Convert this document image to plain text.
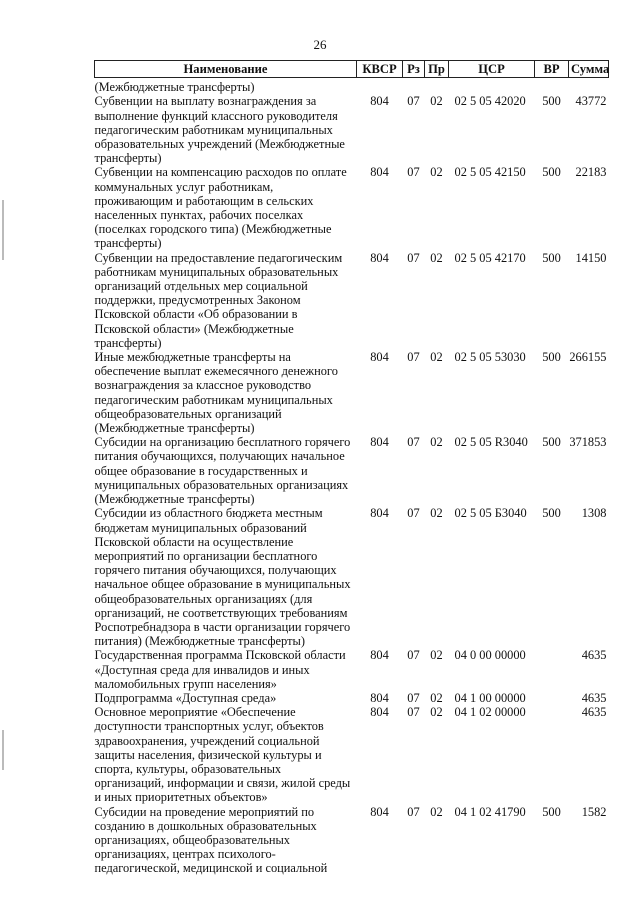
26
Наименование	КВСР	Рз	Пр	ЦСР	ВР	Сумма
(Межбюджетные трансферты)						
Субвенции на выплату вознаграждения за выполнение функций классного руководителя педагогическим работникам муниципальных образовательных учреждений (Межбюджетные трансферты)	804	07	02	02 5 05 42020	500	43772
Субвенции на компенсацию расходов по оплате коммунальных услуг работникам, проживающим и работающим в сельских населенных пунктах, рабочих поселках (поселках городского типа) (Межбюджетные трансферты)	804	07	02	02 5 05 42150	500	22183
Субвенции на предоставление педагогическим работникам муниципальных образовательных организаций отдельных мер социальной поддержки, предусмотренных Законом Псковской области «Об образовании в Псковской области» (Межбюджетные трансферты)	804	07	02	02 5 05 42170	500	14150
Иные межбюджетные трансферты на обеспечение выплат ежемесячного денежного вознаграждения за классное руководство педагогическим работникам муниципальных общеобразовательных организаций (Межбюджетные трансферты)	804	07	02	02 5 05 53030	500	266155
Субсидии на организацию бесплатного горячего питания обучающихся, получающих начальное общее образование в государственных и муниципальных образовательных организациях (Межбюджетные трансферты)	804	07	02	02 5 05 R3040	500	371853
Субсидии из областного бюджета местным бюджетам муниципальных образований Псковской области на осуществление мероприятий по организации бесплатного горячего питания обучающихся, получающих начальное общее образование в муниципальных общеобразовательных организациях (для организаций, не соответствующих требованиям Роспотребнадзора в части организации горячего питания) (Межбюджетные трансферты)	804	07	02	02 5 05 Б3040	500	1308
Государственная программа Псковской области «Доступная среда для инвалидов и иных маломобильных групп населения»	804	07	02	04 0 00 00000		4635
Подпрограмма «Доступная среда»	804	07	02	04 1 00 00000		4635
Основное мероприятие «Обеспечение доступности транспортных услуг, объектов здравоохранения, учреждений социальной защиты населения, физической культуры и спорта, культуры, образовательных организаций, информации и связи, жилой среды и иных приоритетных объектов»	804	07	02	04 1 02 00000		4635
Субсидии на проведение мероприятий по созданию в дошкольных образовательных организациях, общеобразовательных организациях, центрах психолого-педагогической, медицинской и социальной	804	07	02	04 1 02 41790	500	1582
